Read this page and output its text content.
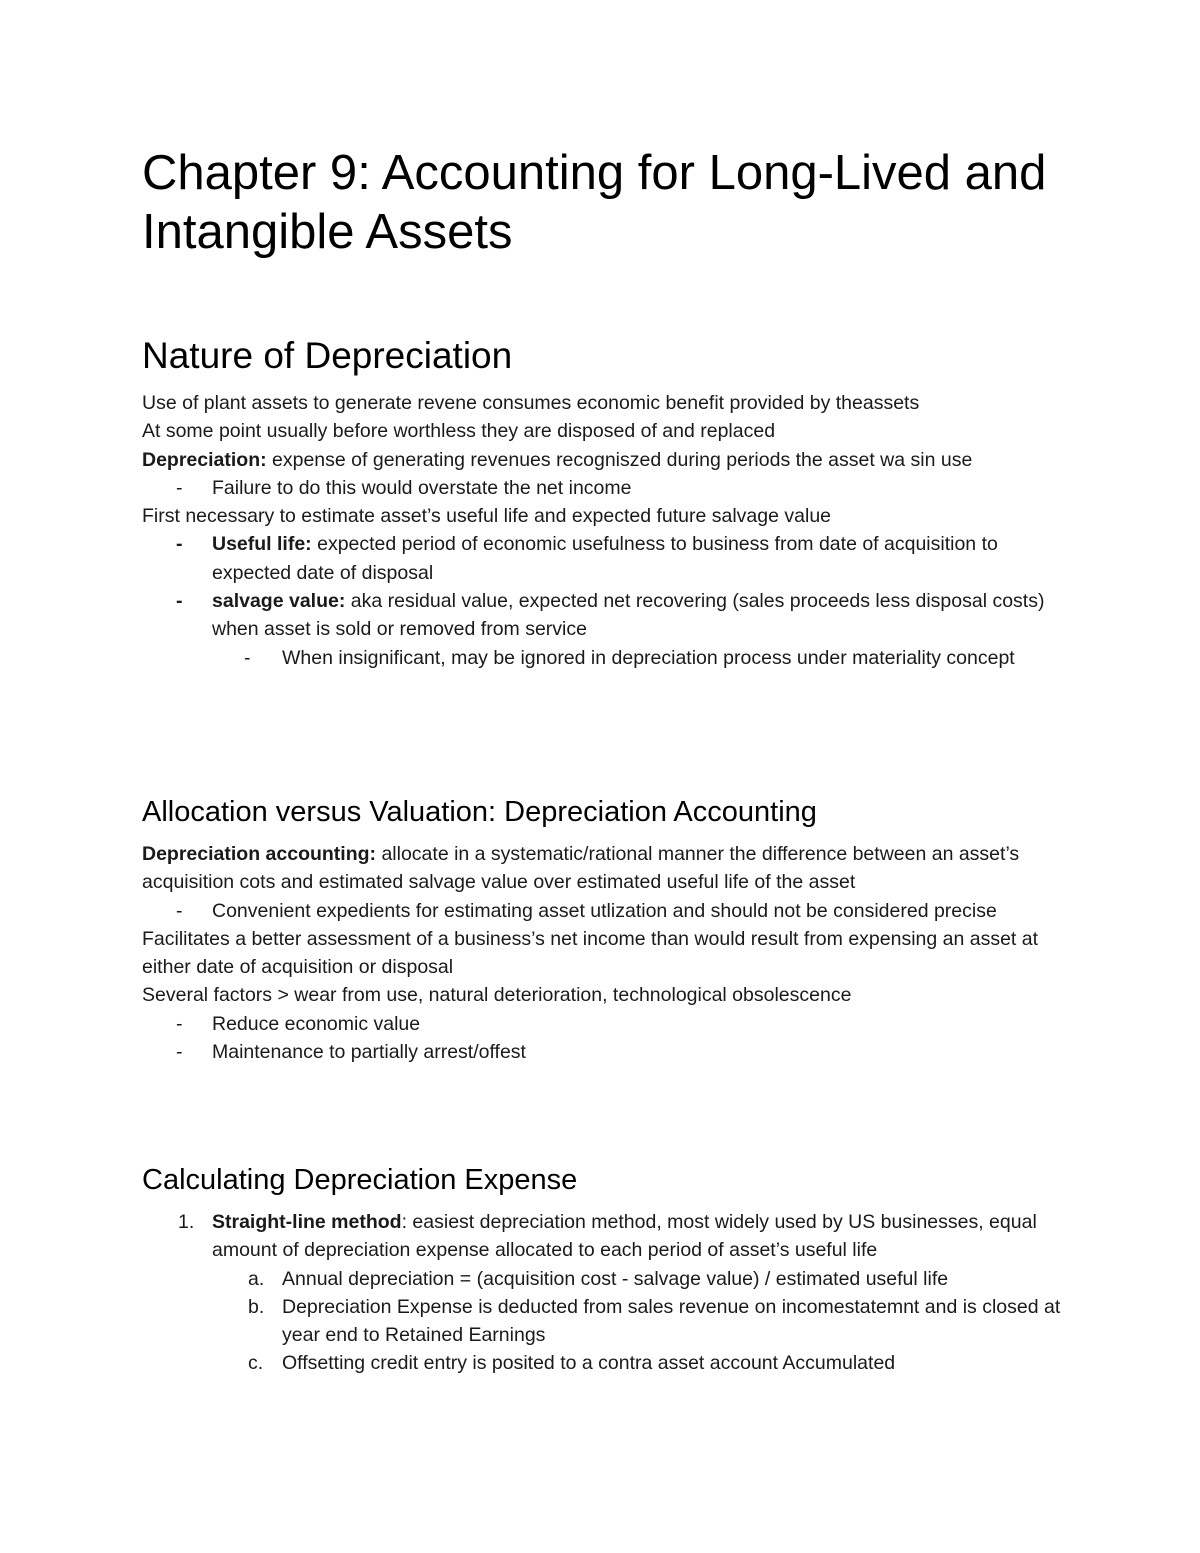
Chapter 9: Accounting for Long-Lived and Intangible Assets
Nature of Depreciation

Use of plant assets to generate revene consumes economic benefit provided by theassets

At some point usually before worthless they are disposed of and replaced

Depreciation: expense of generating revenues recogniszed during periods the asset wa sin use

- Failure to do this would overstate the net income

First necessary to estimate asset’s useful life and expected future salvage value

- Useful life: expected period of economic usefulness to business from date of acquisition to expected date of disposal
- salvage value: aka residual value, expected net recovering (sales proceeds less disposal costs) when asset is sold or removed from service
- When insignificant, may be ignored in depreciation process under materiality concept
Allocation versus Valuation: Depreciation Accounting

Depreciation accounting: allocate in a systematic/rational manner the difference between an asset’s acquisition cots and estimated salvage value over estimated useful life of the asset

- Convenient expedients for estimating asset utlization and should not be considered precise

Facilitates a better assessment of a business’s net income than would result from expensing an asset at either date of acquisition or disposal

Several factors > wear from use, natural deterioration, technological obsolescence

- Reduce economic value
- Maintenance to partially arrest/offest
Calculating Depreciation Expense
1. Straight-line method: easiest depreciation method, most widely used by US businesses, equal amount of depreciation expense allocated to each period of asset’s useful life
a. Annual depreciation = (acquisition cost - salvage value) / estimated useful life
b. Depreciation Expense is deducted from sales revenue on incomestatemnt and is closed at year end to Retained Earnings
c. Offsetting credit entry is posited to a contra asset account Accumulated
